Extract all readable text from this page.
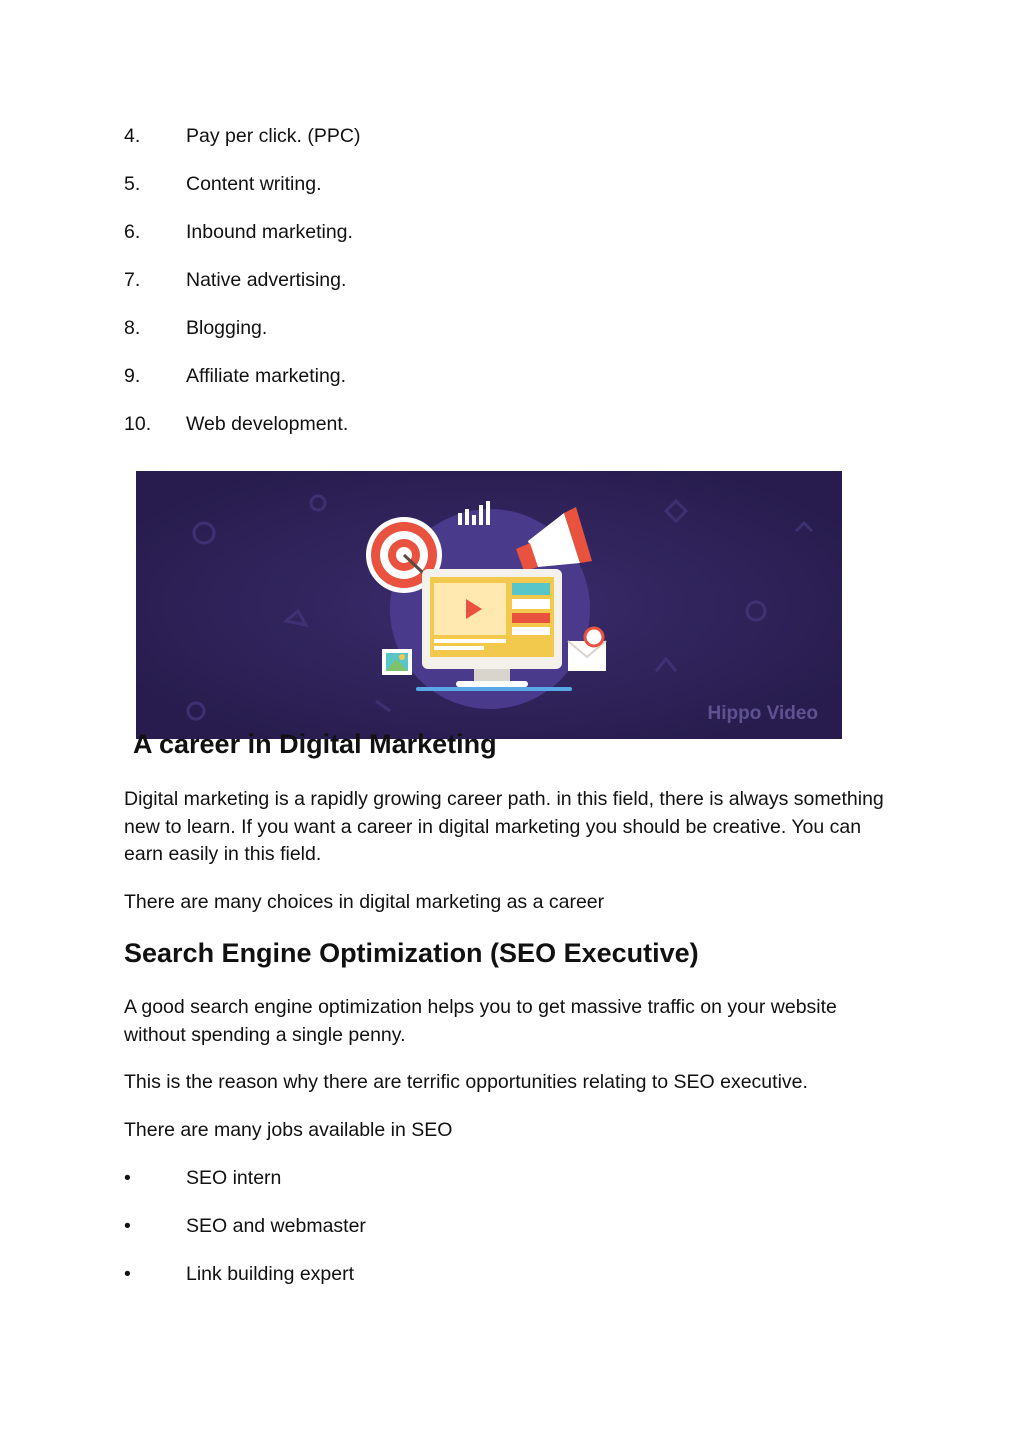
4. Pay per click. (PPC)
5. Content writing.
6. Inbound marketing.
7. Native advertising.
8. Blogging.
9. Affiliate marketing.
10. Web development.
Hippo Video
A career in Digital Marketing
Digital marketing is a rapidly growing career path. in this field, there is always something new to learn. If you want a career in digital marketing you should be creative. You can earn easily in this field.
There are many choices in digital marketing as a career
Search Engine Optimization (SEO Executive)
A good search engine optimization helps you to get massive traffic on your website without spending a single penny.
This is the reason why there are terrific opportunities relating to SEO executive.
There are many jobs available in SEO
•	SEO intern
•	SEO and webmaster
•	Link building expert
